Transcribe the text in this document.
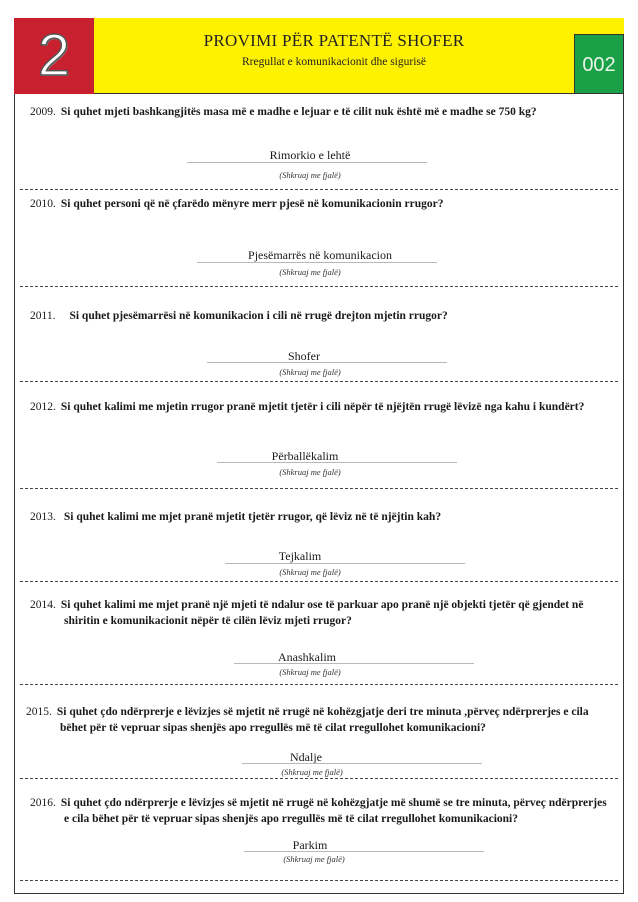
2	002
PROVIMI PËR PATENTË SHOFER
Rregullat e komunikacionit dhe sigurisë
2009. Si quhet mjeti bashkangjitës masa më e madhe e lejuar e të cilit nuk është më e madhe se 750 kg?
Rimorkio e lehtë
(Shkruaj me fjalë)
2010. Si quhet personi që në çfarëdo mënyre merr pjesë në komunikacionin rrugor?
Pjesëmarrës në komunikacion
(Shkruaj me fjalë)
2011. Si quhet pjesëmarrësi në komunikacion i cili në rrugë drejton mjetin rrugor?
Shofer
(Shkruaj me fjalë)
2012. Si quhet kalimi me mjetin rrugor pranë mjetit tjetër i cili nëpër të njëjtën rrugë lëvizë nga kahu i kundërt?
Përballëkalim
(Shkruaj me fjalë)
2013. Si quhet kalimi me mjet pranë mjetit tjetër rrugor, që lëviz në të njëjtin kah?
Tejkalim
(Shkruaj me fjalë)
2014. Si quhet kalimi me mjet pranë një mjeti të ndalur ose të parkuar apo pranë një objekti tjetër që gjendet në
shiritin e komunikacionit nëpër të cilën lëviz mjeti rrugor?
Anashkalim
(Shkruaj me fjalë)
2015. Si quhet çdo ndërprerje e lëvizjes së mjetit në rrugë në kohëzgjatje deri tre minuta ,përveç ndërprerjes e cila
bëhet për të vepruar sipas shenjës apo rregullës më të cilat rregullohet komunikacioni?
Ndalje
(Shkruaj me fjalë)
2016. Si quhet çdo ndërprerje e lëvizjes së mjetit në rrugë në kohëzgjatje më shumë se tre minuta, përveç ndërprerjes
e cila bëhet për të vepruar sipas shenjës apo rregullës më të cilat rregullohet komunikacioni?
Parkim
(Shkruaj me fjalë)
